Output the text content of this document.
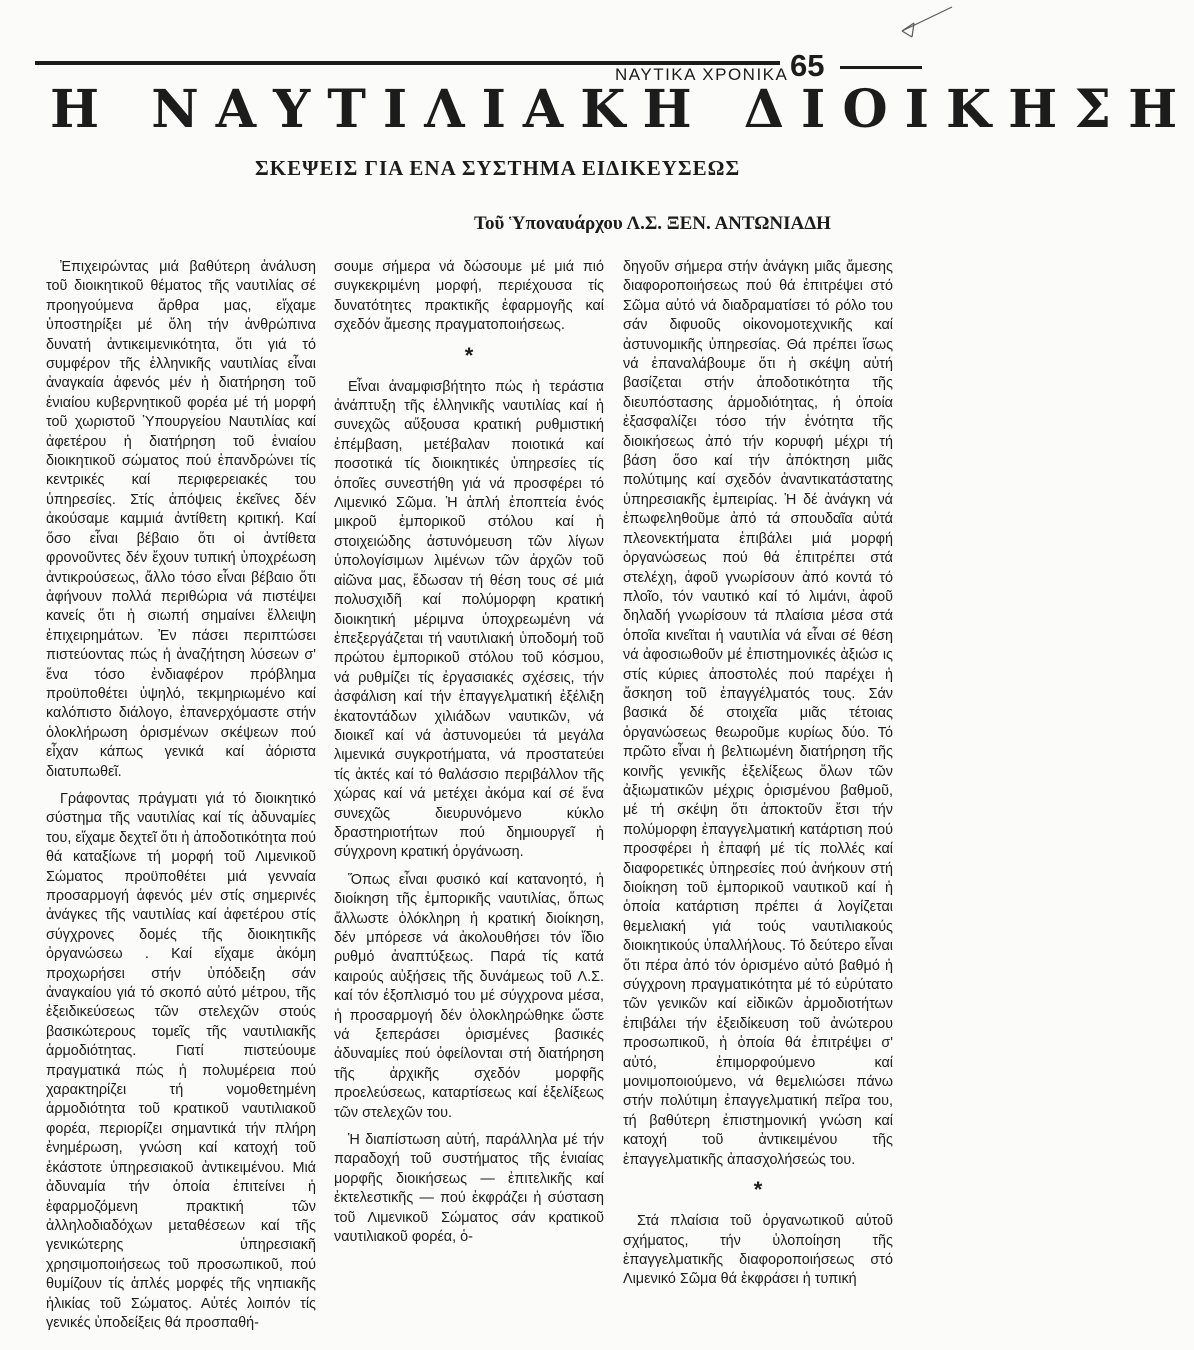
ΝΑΥΤΙΚΑ ΧΡΟΝΙΚΑ 65
Η ΝΑΥΤΙΛΙΑΚΗ ΔΙΟΙΚΗΣΗ
ΣΚΕΨΕΙΣ ΓΙΑ ΕΝΑ ΣΥΣΤΗΜΑ ΕΙΔΙΚΕΥΣΕΩΣ
Τοῦ Ὑποναυάρχου Λ.Σ. ΞΕΝ. ΑΝΤΩΝΙΑΔΗ

Ἐπιχειρώντας μιά βαθύτερη ἀνάλυση τοῦ διοικητικοῦ θέματος τῆς ναυτιλίας σέ προηγούμενα ἄρθρα μας, εἴχαμε ὑποστηρίξει μέ ὅλη τήν ἀνθρώπινα δυνατή ἀντικειμενικότητα, ὅτι γιά τό συμφέρον τῆς ἑλληνικῆς ναυτιλίας εἶναι ἀναγκαία ἀφενός μέν ἡ διατήρηση τοῦ ἑνιαίου κυβερνητικοῦ φορέα μέ τή μορφή τοῦ χωριστοῦ Ὑπουργείου Ναυτιλίας καί ἀφετέρου ἡ διατήρηση τοῦ ἑνιαίου διοικητικοῦ σώματος πού ἐπανδρώνει τίς κεντρικές καί περιφερειακές του ὑπηρεσίες. Στίς ἀπόψεις ἐκεῖνες δέν ἀκούσαμε καμμιά ἀντίθετη κριτική. Καί ὅσο εἶναι βέβαιο ὅτι οἱ ἀντίθετα φρονοῦντες δέν ἔχουν τυπική ὑποχρέωση ἀντικρούσεως, ἄλλο τόσο εἶναι βέβαιο ὅτι ἀφήνουν πολλά περιθώρια νά πιστέψει κανείς ὅτι ἡ σιωπή σημαίνει ἔλλειψη ἐπιχειρημάτων. Ἐν πάσει περιπτώσει πιστεύοντας πώς ἡ ἀναζήτηση λύσεων σ' ἕνα τόσο ἐνδιαφέρον πρόβλημα προϋποθέτει ὑψηλό, τεκμηριωμένο καί καλόπιστο διάλογο, ἐπανερχόμαστε στήν ὁλοκλήρωση ὁρισμένων σκέψεων πού εἶχαν κάπως γενικά καί ἀόριστα διατυπωθεῖ.

Γράφοντας πράγματι γιά τό διοικητικό σύστημα τῆς ναυτιλίας καί τίς ἀδυναμίες του, εἴχαμε δεχτεῖ ὅτι ἡ ἀποδοτικότητα πού θά καταξίωνε τή μορφή τοῦ Λιμενικοῦ Σώματος προϋποθέτει μιά γενναία προσαρμογή ἀφενός μέν στίς σημερινές ἀνάγκες τῆς ναυτιλίας καί ἀφετέρου στίς σύγχρονες δομές τῆς διοικητικῆς ὀργανώσεω . Καί εἴχαμε ἀκόμη προχωρήσει στήν ὑπόδειξη σάν ἀναγκαίου γιά τό σκοπό αὐτό μέτρου, τῆς ἐξειδικεύσεως τῶν στελεχῶν στούς βασικώτερους τομεῖς τῆς ναυτιλιακῆς ἁρμοδιότητας. Γιατί πιστεύουμε πραγματικά πώς ἡ πολυμέρεια πού χαρακτηρίζει τή νομοθετημένη ἁρμοδιότητα τοῦ κρατικοῦ ναυτιλιακοῦ φορέα, περιορίζει σημαντικά τήν πλήρη ἐνημέρωση, γνώση καί κατοχή τοῦ ἑκάστοτε ὑπηρεσιακοῦ ἀντικειμένου. Μιά ἀδυναμία τήν ὁποία ἐπιτείνει ἡ ἐφαρμοζόμενη πρακτική τῶν ἀλληλοδιαδόχων μεταθέσεων καί τῆς γενικώτερης ὑπηρεσιακῆ χρησιμοποιήσεως τοῦ προσωπικοῦ, πού θυμίζουν τίς ἁπλές μορφές τῆς νηπιακῆς ἡλικίας τοῦ Σώματος. Αὐτές λοιπόν τίς γενικές ὑποδείξεις θά προσπαθή-

σουμε σήμερα νά δώσουμε μέ μιά πιό συγκεκριμένη μορφή, περιέχουσα τίς δυνατότητες πρακτικῆς ἐφαρμογῆς καί σχεδόν ἄμεσης πραγματοποιήσεως.

*

Εἶναι ἀναμφισβήτητο πώς ἡ τεράστια ἀνάπτυξη τῆς ἑλληνικῆς ναυτιλίας καί ἡ συνεχῶς αὔξουσα κρατική ρυθμιστική ἐπέμβαση, μετέβαλαν ποιοτικά καί ποσοτικά τίς διοικητικές ὑπηρεσίες τίς ὁποῖες συνεστήθη γιά νά προσφέρει τό Λιμενικό Σῶμα. Ἡ ἁπλή ἐποπτεία ἑνός μικροῦ ἐμπορικοῦ στόλου καί ἡ στοιχειώδης ἀστυνόμευση τῶν λίγων ὑπολογίσιμων λιμένων τῶν ἀρχῶν τοῦ αἰῶνα μας, ἔδωσαν τή θέση τους σέ μιά πολυσχιδῆ καί πολύμορφη κρατική διοικητική μέριμνα ὑποχρεωμένη νά ἐπεξεργάζεται τή ναυτιλιακή ὑποδομή τοῦ πρώτου ἐμπορικοῦ στόλου τοῦ κόσμου, νά ρυθμίζει τίς ἐργασιακές σχέσεις, τήν ἀσφάλιση καί τήν ἐπαγγελματική ἐξέλιξη ἑκατοντάδων χιλιάδων ναυτικῶν, νά διοικεῖ καί νά ἀστυνομεύει τά μεγάλα λιμενικά συγκροτήματα, νά προστατεύει τίς ἀκτές καί τό θαλάσσιο περιβάλλον τῆς χώρας καί νά μετέχει ἀκόμα καί σέ ἕνα συνεχῶς διευρυνόμενο κύκλο δραστηριοτήτων πού δημιουργεῖ ἡ σύγχρονη κρατική ὀργάνωση.

Ὅπως εἶναι φυσικό καί κατανοητό, ἡ διοίκηση τῆς ἐμπορικῆς ναυτιλίας, ὅπως ἄλλωστε ὁλόκληρη ἡ κρατική διοίκηση, δέν μπόρεσε νά ἀκολουθήσει τόν ἴδιο ρυθμό ἀναπτύξεως. Παρά τίς κατά καιρούς αὐξήσεις τῆς δυνάμεως τοῦ Λ.Σ. καί τόν ἐξοπλισμό του μέ σύγχρονα μέσα, ἡ προσαρμογή δέν ὁλοκληρώθηκε ὥστε νά ξεπεράσει ὁρισμένες βασικές ἀδυναμίες πού ὀφείλονται στή διατήρηση τῆς ἀρχικῆς σχεδόν μορφῆς προελεύσεως, καταρτίσεως καί ἐξελίξεως τῶν στελεχῶν του.

Ἡ διαπίστωση αὐτή, παράλληλα μέ τήν παραδοχή τοῦ συστήματος τῆς ἑνιαίας μορφῆς διοικήσεως — ἐπιτελικῆς καί ἐκτελεστικῆς — πού ἐκφράζει ἡ σύσταση τοῦ Λιμενικοῦ Σώματος σάν κρατικοῦ ναυτιλιακοῦ φορέα, ὁ-

δηγοῦν σήμερα στήν ἀνάγκη μιᾶς ἄμεσης διαφοροποιήσεως πού θά ἐπιτρέψει στό Σῶμα αὐτό νά διαδραματίσει τό ρόλο του σάν διφυοῦς οἰκονομοτεχνικῆς καί ἀστυνομικῆς ὑπηρεσίας. Θά πρέπει ἴσως νά ἐπαναλάβουμε ὅτι ἡ σκέψη αὐτή βασίζεται στήν ἀποδοτικότητα τῆς διευπόστασης ἁρμοδιότητας, ἡ ὁποία ἐξασφαλίζει τόσο τήν ἑνότητα τῆς διοικήσεως ἀπό τήν κορυφή μέχρι τή βάση ὅσο καί τήν ἀπόκτηση μιᾶς πολύτιμης καί σχεδόν ἀναντικατάστατης ὑπηρεσιακῆς ἐμπειρίας. Ἡ δέ ἀνάγκη νά ἐπωφεληθοῦμε ἀπό τά σπουδαῖα αὐτά πλεονεκτήματα ἐπιβάλει μιά μορφή ὀργανώσεως πού θά ἐπιτρέπει στά στελέχη, ἀφοῦ γνωρίσουν ἀπό κοντά τό πλοῖο, τόν ναυτικό καί τό λιμάνι, ἀφοῦ δηλαδή γνωρίσουν τά πλαίσια μέσα στά ὁποῖα κινεῖται ἡ ναυτιλία νά εἶναι σέ θέση νά ἀφοσιωθοῦν μέ ἐπιστημονικές ἀξιώσ ις στίς κύριες ἀποστολές πού παρέχει ἡ ἄσκηση τοῦ ἐπαγγέλματός τους. Σάν βασικά δέ στοιχεῖα μιᾶς τέτοιας ὀργανώσεως θεωροῦμε κυρίως δύο. Τό πρῶτο εἶναι ἡ βελτιωμένη διατήρηση τῆς κοινῆς γενικῆς ἐξελίξεως ὅλων τῶν ἀξιωματικῶν μέχρις ὁρισμένου βαθμοῦ, μέ τή σκέψη ὅτι ἀποκτοῦν ἔτσι τήν πολύμορφη ἐπαγγελματική κατάρτιση πού προσφέρει ἡ ἐπαφή μέ τίς πολλές καί διαφορετικές ὑπηρεσίες πού ἀνήκουν στή διοίκηση τοῦ ἐμπορικοῦ ναυτικοῦ καί ἡ ὁποία κατάρτιση πρέπει ά λογίζεται θεμελιακή γιά τούς ναυτιλιακούς διοικητικούς ὑπαλλήλους. Τό δεύτερο εἶναι ὅτι πέρα ἀπό τόν ὁρισμένο αὐτό βαθμό ἡ σύγχρονη πραγματικότητα μέ τό εὐρύτατο τῶν γενικῶν καί εἰδικῶν ἁρμοδιοτήτων ἐπιβάλει τήν ἐξειδίκευση τοῦ ἀνώτερου προσωπικοῦ, ἡ ὁποία θά ἐπιτρέψει σ' αὐτό, ἐπιμορφούμενο καί μονιμοποιούμενο, νά θεμελιώσει πάνω στήν πολύτιμη ἐπαγγελματική πεῖρα του, τή βαθύτερη ἐπιστημονική γνώση καί κατοχή τοῦ ἀντικειμένου τῆς ἐπαγγελματικῆς ἀπασχολήσεώς του.

*

Στά πλαίσια τοῦ ὀργανωτικοῦ αὐτοῦ σχήματος, τήν ὑλοποίηση τῆς ἐπαγγελματικῆς διαφοροποιήσεως στό Λιμενικό Σῶμα θά ἐκφράσει ἡ τυπική
